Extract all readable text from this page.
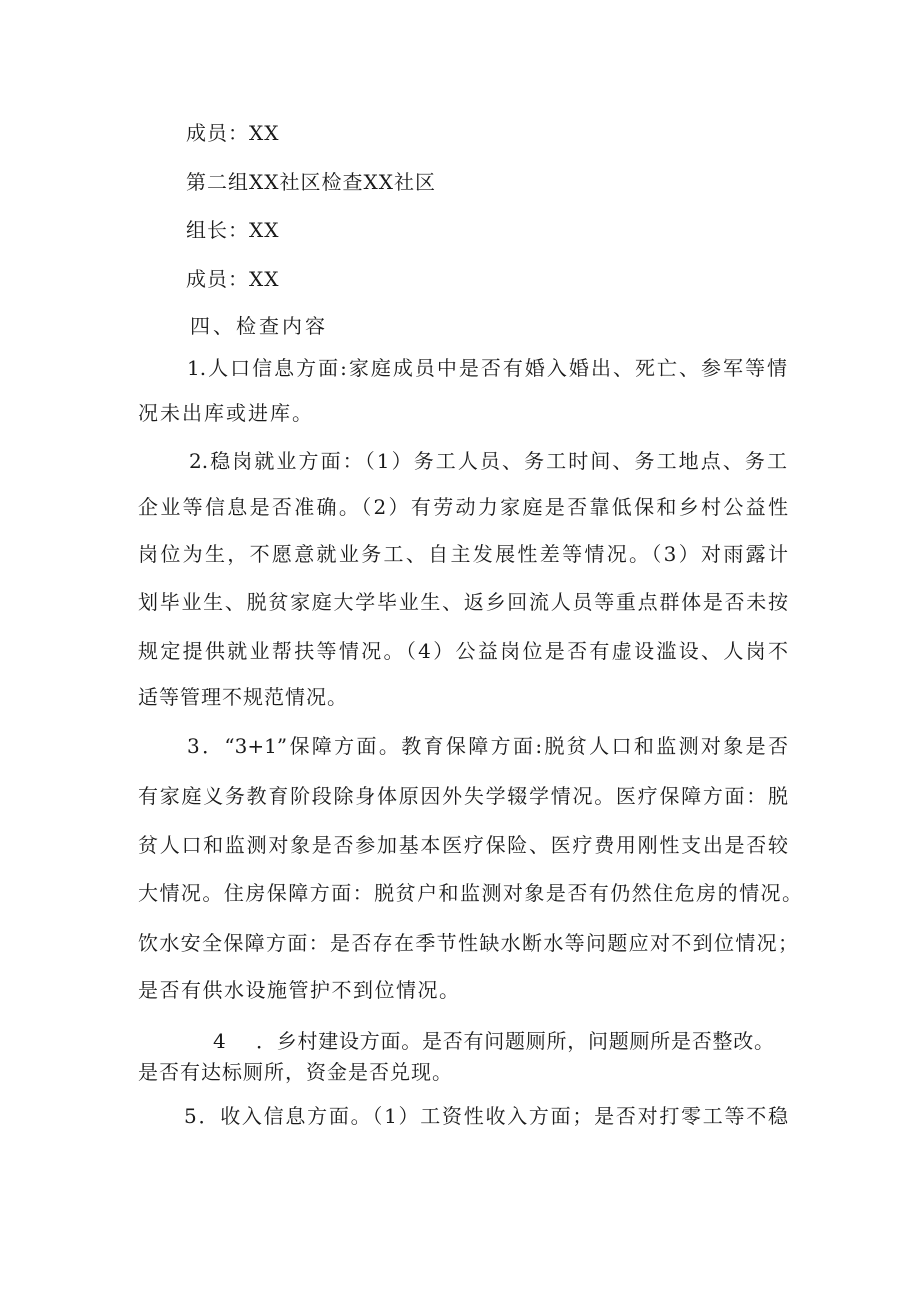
成员：XX
第二组XX社区检查XX社区
组长：XX
成员：XX
四、检查内容
1.人口信息方面:家庭成员中是否有婚入婚出、死亡、参军等情
况未出库或进库。
2.稳岗就业方面：（1）务工人员、务工时间、务工地点、务工
企业等信息是否准确。（2）有劳动力家庭是否靠低保和乡村公益性
岗位为生，不愿意就业务工、自主发展性差等情况。（3）对雨露计
划毕业生、脱贫家庭大学毕业生、返乡回流人员等重点群体是否未按
规定提供就业帮扶等情况。（4）公益岗位是否有虚设滥设、人岗不
适等管理不规范情况。
3．“3+1”保障方面。教育保障方面:脱贫人口和监测对象是否
有家庭义务教育阶段除身体原因外失学辍学情况。医疗保障方面：脱
贫人口和监测对象是否参加基本医疗保险、医疗费用刚性支出是否较
大情况。住房保障方面：脱贫户和监测对象是否有仍然住危房的情况。
饮水安全保障方面：是否存在季节性缺水断水等问题应对不到位情况；
是否有供水设施管护不到位情况。
4 ．乡村建设方面。是否有问题厕所，问题厕所是否整改。
是否有达标厕所，资金是否兑现。
5．收入信息方面。（1）工资性收入方面；是否对打零工等不稳
